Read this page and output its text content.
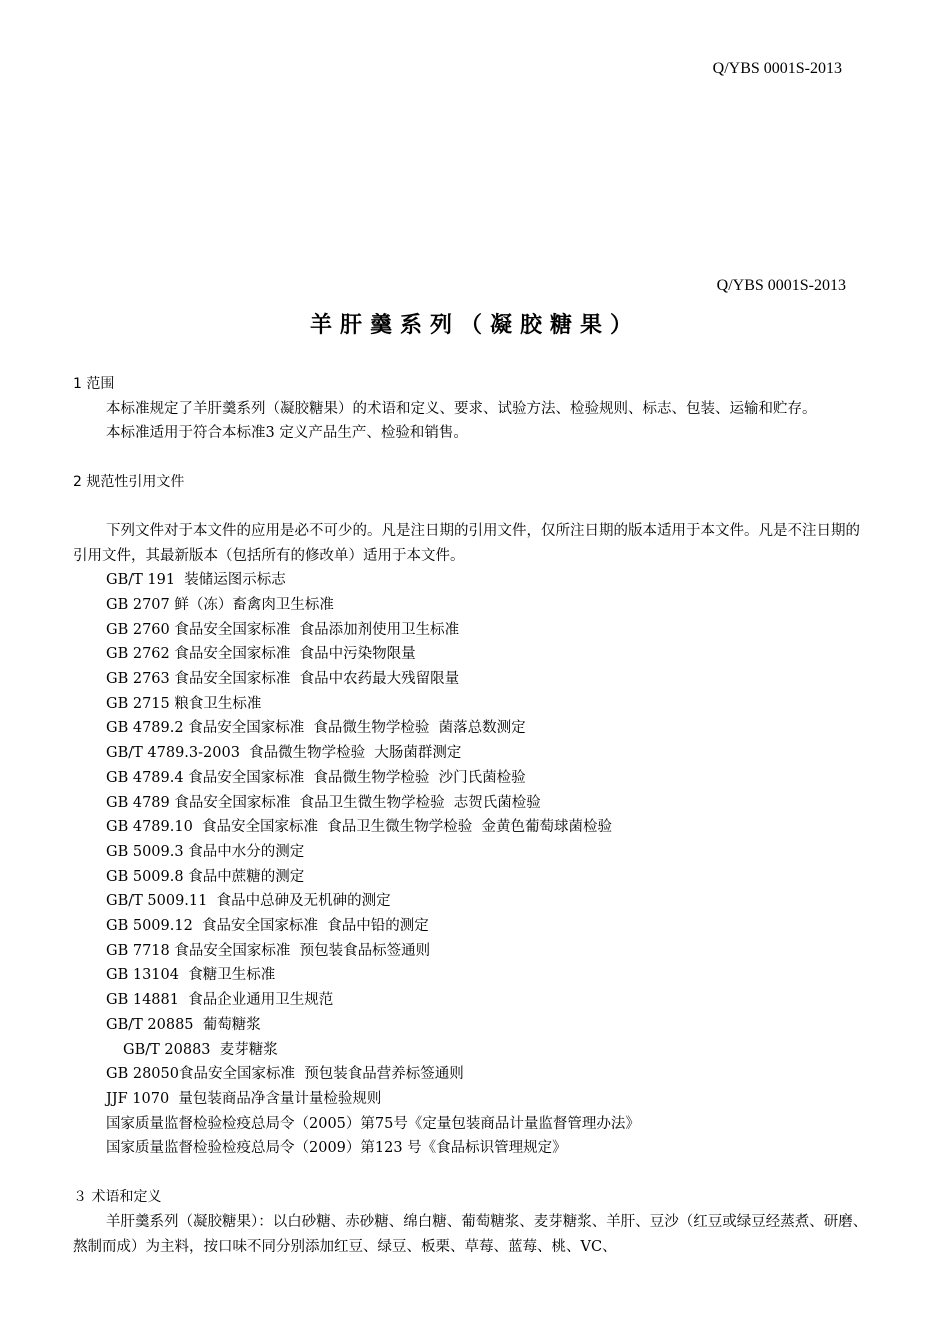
Q/YBS 0001S-2013
Q/YBS 0001S-2013
羊肝羹系列（凝胶糖果）
1 范围
本标准规定了羊肝羹系列（凝胶糖果）的术语和定义、要求、试验方法、检验规则、标志、包装、运输和贮存。
本标准适用于符合本标准3 定义产品生产、检验和销售。
2 规范性引用文件
下列文件对于本文件的应用是必不可少的。凡是注日期的引用文件，仅所注日期的版本适用于本文件。凡是不注日期的引用文件，其最新版本（包括所有的修改单）适用于本文件。
GB/T 191  装储运图示标志
GB 2707 鲜（冻）畜禽肉卫生标准
GB 2760 食品安全国家标准  食品添加剂使用卫生标准
GB 2762 食品安全国家标准  食品中污染物限量
GB 2763 食品安全国家标准  食品中农药最大残留限量
GB 2715 粮食卫生标准
GB 4789.2 食品安全国家标准  食品微生物学检验  菌落总数测定
GB/T 4789.3-2003  食品微生物学检验  大肠菌群测定
GB 4789.4 食品安全国家标准  食品微生物学检验  沙门氏菌检验
GB 4789 食品安全国家标准  食品卫生微生物学检验  志贺氏菌检验
GB 4789.10  食品安全国家标准  食品卫生微生物学检验  金黄色葡萄球菌检验
GB 5009.3 食品中水分的测定
GB 5009.8 食品中蔗糖的测定
GB/T 5009.11  食品中总砷及无机砷的测定
GB 5009.12  食品安全国家标准  食品中铅的测定
GB 7718 食品安全国家标准  预包装食品标签通则
GB 13104  食糖卫生标准
GB 14881  食品企业通用卫生规范
GB/T 20885  葡萄糖浆
GB/T 20883  麦芽糖浆
GB 28050食品安全国家标准  预包装食品营养标签通则
JJF 1070  量包装商品净含量计量检验规则
国家质量监督检验检疫总局令（2005）第75号《定量包装商品计量监督管理办法》
国家质量监督检验检疫总局令（2009）第123 号《食品标识管理规定》
３ 术语和定义
羊肝羹系列（凝胶糖果）：以白砂糖、赤砂糖、绵白糖、葡萄糖浆、麦芽糖浆、羊肝、豆沙（红豆或绿豆经蒸煮、研磨、熬制而成）为主料，按口味不同分别添加红豆、绿豆、板栗、草莓、蓝莓、桃、VC、
